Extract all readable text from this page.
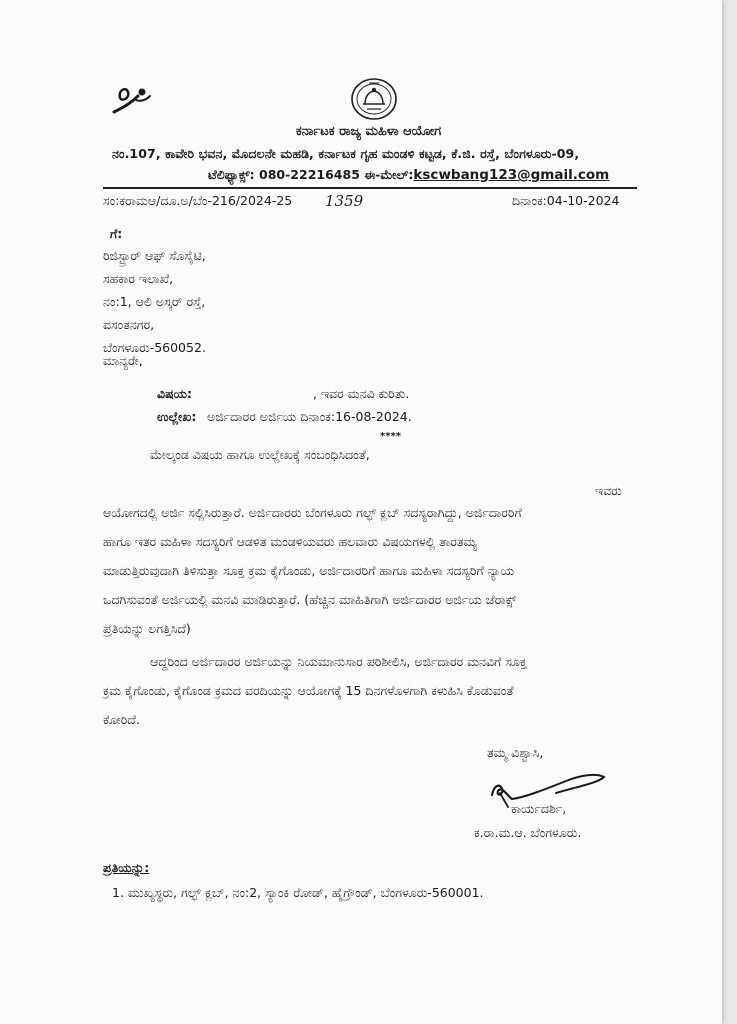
ಕರ್ನಾಟಕ ರಾಜ್ಯ ಮಹಿಳಾ ಆಯೋಗ
ನಂ.107, ಕಾವೇರಿ ಭವನ, ಮೊದಲನೇ ಮಹಡಿ, ಕರ್ನಾಟಕ ಗೃಹ ಮಂಡಳಿ ಕಟ್ಟಡ, ಕೆ.ಜಿ. ರಸ್ತೆ, ಬೆಂಗಳೂರು-09,
ಟೆಲಿಫ್ಯಾಕ್ಸ್: 080-22216485 ಈ-ಮೇಲ್:kscwbang123@gmail.com
ಸಂ:ಕರಾಮಆ/ದೂ.ಅ/ಬೆಂ-216/2024-25 1359	ದಿನಾಂಕ:04-10-2024
ಗೆ:
ರಿಜಿಸ್ಟ್ರಾರ್ ಆಫ್ ಸೊಸೈಟಿ,
ಸಹಕಾರ ಇಲಾಖೆ,
ನಂ:1, ಆಲಿ ಅಸ್ಕರ್ ರಸ್ತೆ,
ವಸಂತನಗರ,
ಬೆಂಗಳೂರು-560052.
ಮಾನ್ಯರೇ,
ವಿಷಯ:	, ಇವರ ಮನವಿ ಕುರಿತು.
ಉಲ್ಲೇಖ: ಅರ್ಜಿದಾರರ ಅರ್ಜಿಯ ದಿನಾಂಕ:16-08-2024.
****
ಮೇಲ್ಕಂಡ ವಿಷಯ ಹಾಗೂ ಉಲ್ಲೇಖಕ್ಕೆ ಸಂಬಂಧಿಸಿದಂತೆ,
ಇವರು
ಆಯೋಗದಲ್ಲಿ ಅರ್ಜಿ ಸಲ್ಲಿಸಿರುತ್ತಾರೆ. ಅರ್ಜಿದಾರರು ಬೆಂಗಳೂರು ಗಲ್ಫ್ ಕ್ಲಬ್ ಸದಸ್ಯರಾಗಿದ್ದು, ಅರ್ಜಿದಾರರಿಗೆ
ಹಾಗೂ ಇತರ ಮಹಿಳಾ ಸದಸ್ಯರಿಗೆ ಆಡಳಿತ ಮಂಡಳಿಯವರು ಹಲವಾರು ವಿಷಯಗಳಲ್ಲಿ ತಾರತಮ್ಯ
ಮಾಡುತ್ತಿರುವುದಾಗಿ ತಿಳಿಸುತ್ತಾ ಸೂಕ್ತ ಕ್ರಮ ಕೈಗೊಂಡು, ಅರ್ಜಿದಾರರಿಗೆ ಹಾಗೂ ಮಹಿಳಾ ಸದಸ್ಯರಿಗೆ ನ್ಯಾಯ
ಒದಗಿಸುವಂತೆ ಅರ್ಜಿಯಲ್ಲಿ ಮನವಿ ಮಾಡಿರುತ್ತಾರೆ. (ಹೆಚ್ಚಿನ ಮಾಹಿತಿಗಾಗಿ ಅರ್ಜಿದಾರರ ಅರ್ಜಿಯ ಜೆರಾಕ್ಸ್
ಪ್ರತಿಯನ್ನು ಲಗತ್ತಿಸಿದೆ)
ಆದ್ದರಿಂದ ಅರ್ಜಿದಾರರ ಅರ್ಜಿಯನ್ನು ನಿಯಮಾನುಸಾರ ಪರಿಶೀಲಿಸಿ, ಅರ್ಜಿದಾರರ ಮನವಿಗೆ ಸೂಕ್ತ
ಕ್ರಮ ಕೈಗೊಂಡು, ಕೈಗೊಂಡ ಕ್ರಮದ ವರದಿಯನ್ನು ಆಯೋಗಕ್ಕೆ 15 ದಿನಗಳೊಳಗಾಗಿ ಕಳುಹಿಸಿ ಕೊಡುವಂತೆ
ಕೋರಿದೆ.
ತಮ್ಮ ವಿಶ್ವಾಸಿ,
ಕಾರ್ಯದರ್ಶಿ,
ಕ.ರಾ.ಮ.ಆ. ಬೆಂಗಳೂರು.
ಪ್ರತಿಯನ್ನು:
1. ಮುಖ್ಯಸ್ಥರು, ಗಲ್ಫ್ ಕ್ಲಬ್, ನಂ:2, ಸ್ಯಾಂಕಿ ರೋಡ್, ಹೈಗ್ರೌಂಡ್, ಬೆಂಗಳೂರು-560001.
